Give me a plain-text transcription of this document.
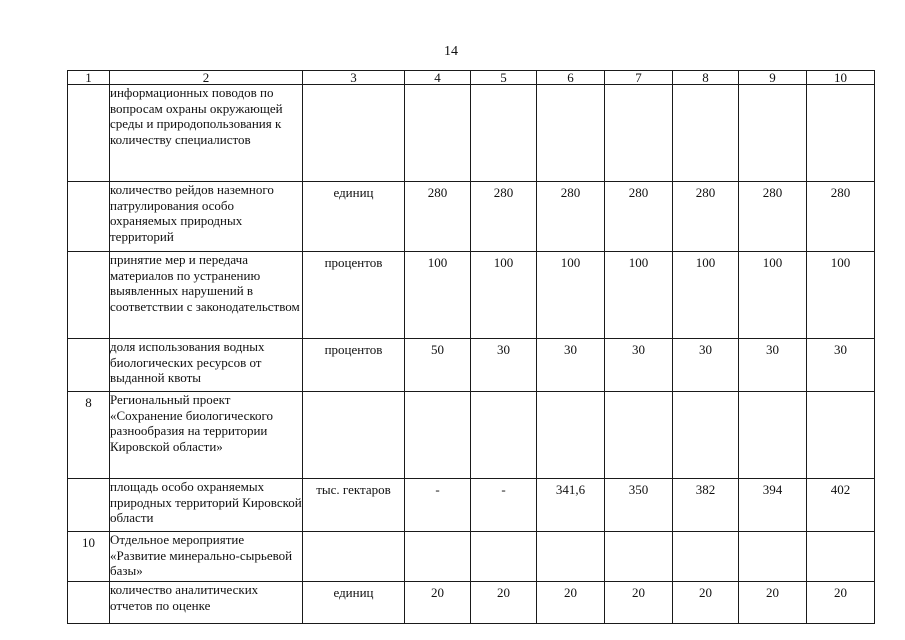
14
1	2	3	4	5	6	7	8	9	10

	информационных поводов по вопросам охраны окружающей среды и природопользования к количеству специалистов								

	количество рейдов наземного патрулирования особо охраняемых природных территорий	единиц	280	280	280	280	280	280	280

	принятие мер и передача материалов по устранению выявленных нарушений в соответствии с законодательством	процентов	100	100	100	100	100	100	100

	доля использования водных биологических ресурсов от выданной квоты	процентов	50	30	30	30	30	30	30

8	Региональный проект «Сохранение биологического разнообразия на территории Кировской области»								

	площадь особо охраняемых природных территорий Кировской области	тыс. гектаров	-	-	341,6	350	382	394	402

10	Отдельное мероприятие «Развитие минерально-сырьевой базы»								

	количество аналитических отчетов по оценке	единиц	20	20	20	20	20	20	20
